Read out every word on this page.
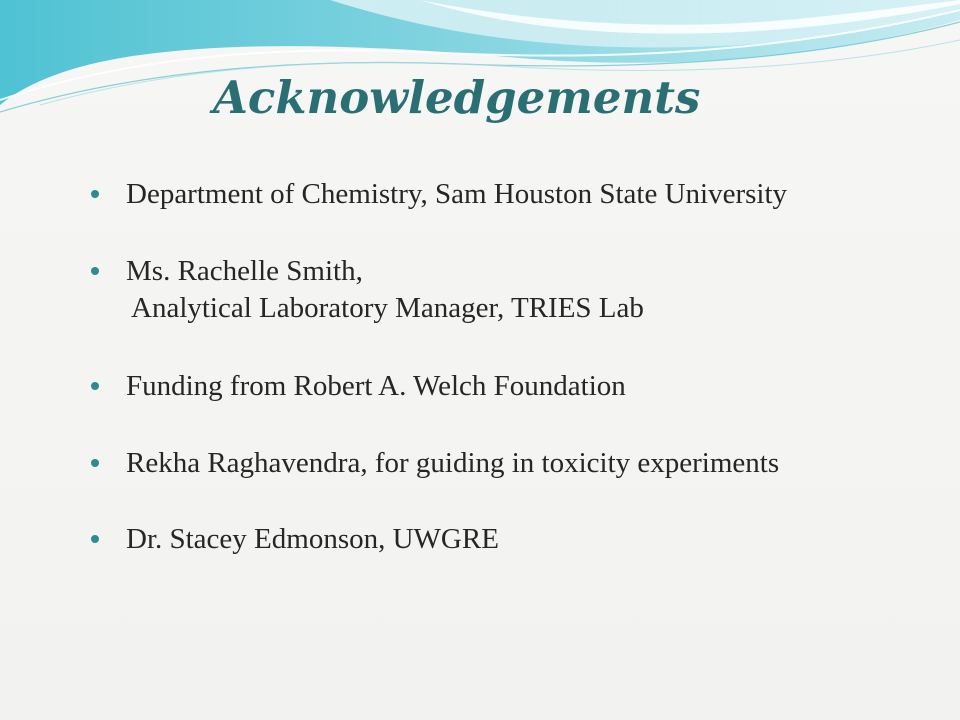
Acknowledgements
Department of Chemistry, Sam Houston State University
Ms. Rachelle Smith,
Analytical Laboratory Manager, TRIES Lab
Funding from Robert A. Welch Foundation
Rekha Raghavendra, for guiding in toxicity experiments
Dr. Stacey Edmonson, UWGRE
